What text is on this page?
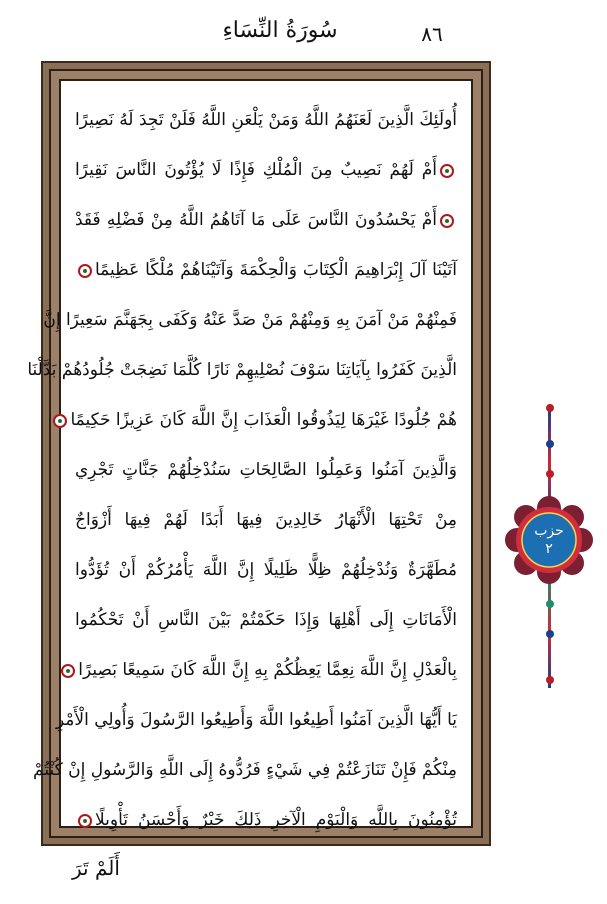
سُورَةُ النِّسَاءِ	٨٦
أُولَئِكَ الَّذِينَ لَعَنَهُمُ اللَّهُ وَمَنْ يَلْعَنِ اللَّهُ فَلَنْ تَجِدَ لَهُ نَصِيرًا
أَمْ لَهُمْ نَصِيبٌ مِنَ الْمُلْكِ فَإِذًا لَا يُؤْتُونَ النَّاسَ نَقِيرًا
أَمْ يَحْسُدُونَ النَّاسَ عَلَى مَا آتَاهُمُ اللَّهُ مِنْ فَضْلِهِ فَقَدْ
آتَيْنَا آلَ إِبْرَاهِيمَ الْكِتَابَ وَالْحِكْمَةَ وَآتَيْنَاهُمْ مُلْكًا عَظِيمًا
فَمِنْهُمْ مَنْ آمَنَ بِهِ وَمِنْهُمْ مَنْ صَدَّ عَنْهُ وَكَفَى بِجَهَنَّمَ سَعِيرًا إِنَّ
الَّذِينَ كَفَرُوا بِآيَاتِنَا سَوْفَ نُصْلِيهِمْ نَارًا كُلَّمَا نَضِجَتْ جُلُودُهُمْ بَدَّلْنَا
هُمْ جُلُودًا غَيْرَهَا لِيَذُوقُوا الْعَذَابَ إِنَّ اللَّهَ كَانَ عَزِيزًا حَكِيمًا
وَالَّذِينَ آمَنُوا وَعَمِلُوا الصَّالِحَاتِ سَنُدْخِلُهُمْ جَنَّاتٍ تَجْرِي
مِنْ تَحْتِهَا الْأَنْهَارُ خَالِدِينَ فِيهَا أَبَدًا لَهُمْ فِيهَا أَزْوَاجٌ
مُطَهَّرَةٌ وَنُدْخِلُهُمْ ظِلًّا ظَلِيلًا إِنَّ اللَّهَ يَأْمُرُكُمْ أَنْ تُؤَدُّوا
الْأَمَانَاتِ إِلَى أَهْلِهَا وَإِذَا حَكَمْتُمْ بَيْنَ النَّاسِ أَنْ تَحْكُمُوا
بِالْعَدْلِ إِنَّ اللَّهَ نِعِمَّا يَعِظُكُمْ بِهِ إِنَّ اللَّهَ كَانَ سَمِيعًا بَصِيرًا
يَا أَيُّهَا الَّذِينَ آمَنُوا أَطِيعُوا اللَّهَ وَأَطِيعُوا الرَّسُولَ وَأُولِي الْأَمْرِ
مِنْكُمْ فَإِنْ تَنَازَعْتُمْ فِي شَيْءٍ فَرُدُّوهُ إِلَى اللَّهِ وَالرَّسُولِ إِنْ كُنْتُمْ
تُؤْمِنُونَ بِاللَّهِ وَالْيَوْمِ الْآخِرِ ذَلِكَ خَيْرٌ وَأَحْسَنُ تَأْوِيلًا
أَلَمْ تَرَ
حزب
٢
